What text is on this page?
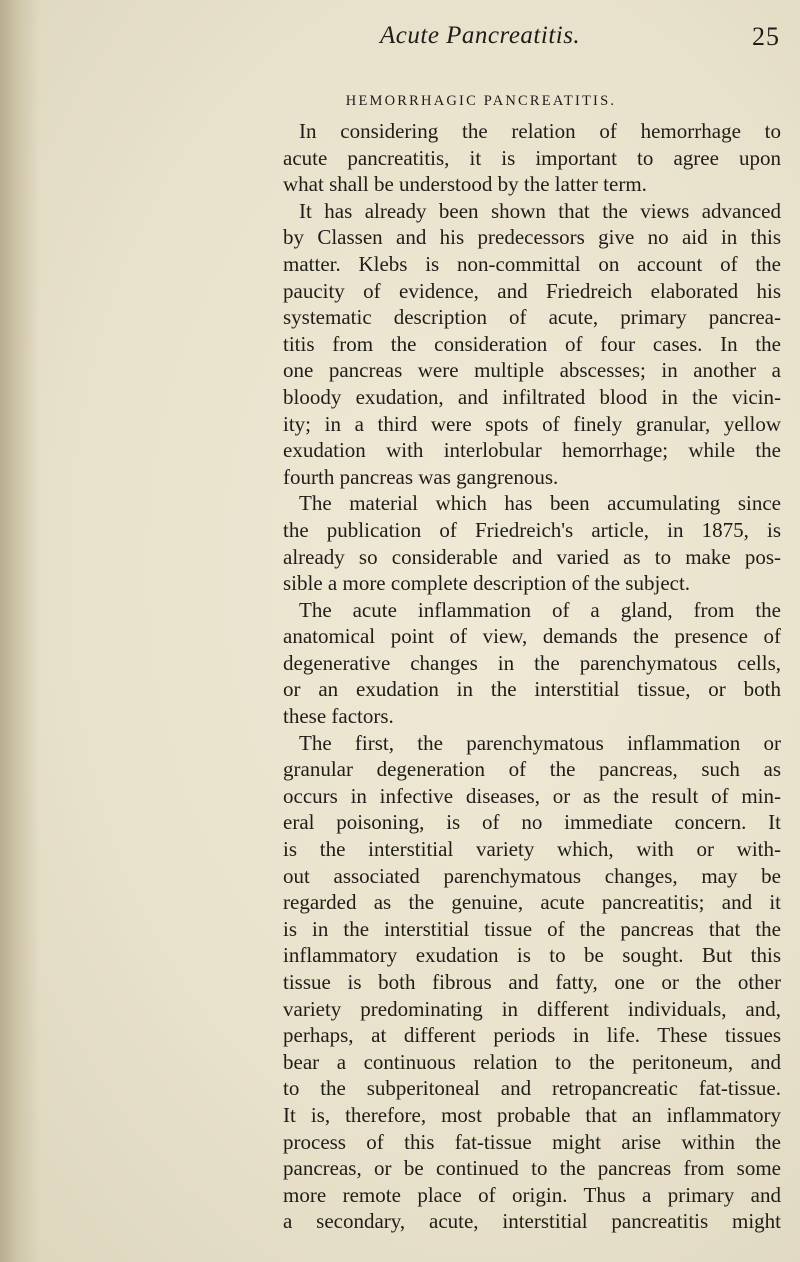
Acute Pancreatitis.	25
HEMORRHAGIC PANCREATITIS.
In considering the relation of hemorrhage to
acute pancreatitis, it is important to agree upon
what shall be understood by the latter term.
It has already been shown that the views advanced
by Classen and his predecessors give no aid in this
matter. Klebs is non-committal on account of the
paucity of evidence, and Friedreich elaborated his
systematic description of acute, primary pancrea-
titis from the consideration of four cases. In the
one pancreas were multiple abscesses; in another a
bloody exudation, and infiltrated blood in the vicin-
ity; in a third were spots of finely granular, yellow
exudation with interlobular hemorrhage; while the
fourth pancreas was gangrenous.
The material which has been accumulating since
the publication of Friedreich's article, in 1875, is
already so considerable and varied as to make pos-
sible a more complete description of the subject.
The acute inflammation of a gland, from the
anatomical point of view, demands the presence of
degenerative changes in the parenchymatous cells,
or an exudation in the interstitial tissue, or both
these factors.
The first, the parenchymatous inflammation or
granular degeneration of the pancreas, such as
occurs in infective diseases, or as the result of min-
eral poisoning, is of no immediate concern. It
is the interstitial variety which, with or with-
out associated parenchymatous changes, may be
regarded as the genuine, acute pancreatitis; and it
is in the interstitial tissue of the pancreas that the
inflammatory exudation is to be sought. But this
tissue is both fibrous and fatty, one or the other
variety predominating in different individuals, and,
perhaps, at different periods in life. These tissues
bear a continuous relation to the peritoneum, and
to the subperitoneal and retropancreatic fat-tissue.
It is, therefore, most probable that an inflammatory
process of this fat-tissue might arise within the
pancreas, or be continued to the pancreas from some
more remote place of origin. Thus a primary and
a secondary, acute, interstitial pancreatitis might
